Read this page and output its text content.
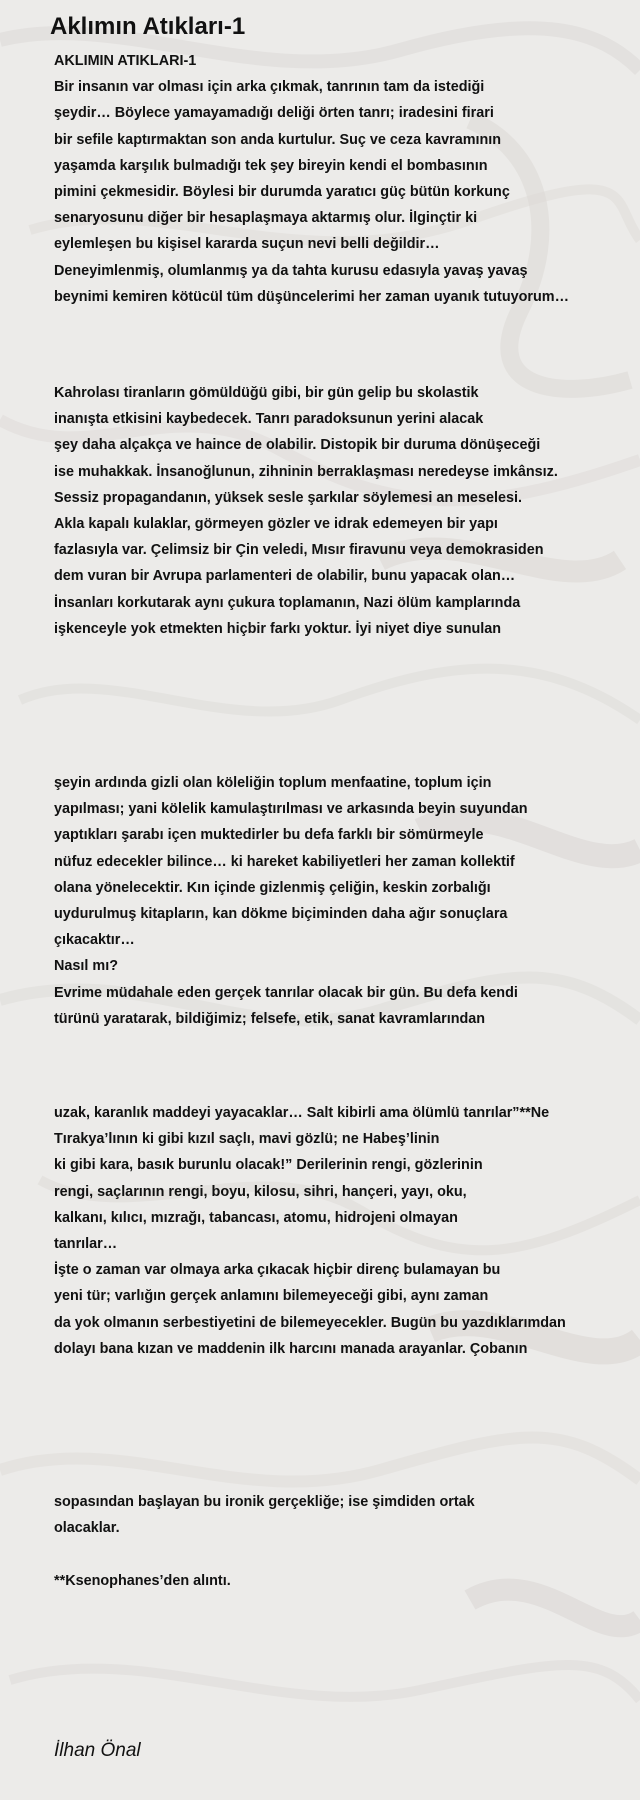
Aklımın Atıkları-1
AKLIMIN ATIKLARI-1
Bir insanın var olması için arka çıkmak, tanrının tam da istediği
şeydir… Böylece yamayamadığı deliği örten tanrı; iradesini firari
bir sefile kaptırmaktan son anda kurtulur. Suç ve ceza kavramının
yaşamda karşılık bulmadığı tek şey bireyin kendi el bombasının
pimini çekmesidir. Böylesi bir durumda yaratıcı güç bütün korkunç
senaryosunu diğer bir hesaplaşmaya aktarmış olur. İlginçtir ki
eylemleşen bu kişisel kararda suçun nevi belli değildir…
Deneyimlenmiş, olumlanmış ya da tahta kurusu edasıyla yavaş yavaş
beynimi kemiren kötücül tüm düşüncelerimi her zaman uyanık tutuyorum…
Kahrolası tiranların gömüldüğü gibi, bir gün gelip bu skolastik
inanışta etkisini kaybedecek. Tanrı paradoksunun yerini alacak
şey daha alçakça ve haince de olabilir. Distopik bir duruma dönüşeceği
ise muhakkak. İnsanoğlunun, zihninin berraklaşması neredeyse imkânsız.
Sessiz propagandanın, yüksek sesle şarkılar söylemesi an meselesi.
Akla kapalı kulaklar, görmeyen gözler ve idrak edemeyen bir yapı
fazlasıyla var. Çelimsiz bir Çin veledi, Mısır firavunu veya demokrasiden
dem vuran bir Avrupa parlamenteri de olabilir, bunu yapacak olan…
İnsanları korkutarak aynı çukura toplamanın, Nazi ölüm kamplarında
işkenceyle yok etmekten hiçbir farkı yoktur. İyi niyet diye sunulan
şeyin ardında gizli olan köleliğin toplum menfaatine, toplum için
yapılması; yani kölelik kamulaştırılması ve arkasında beyin suyundan
yaptıkları şarabı içen muktedirler bu defa farklı bir sömürmeyle
nüfuz edecekler bilince… ki hareket kabiliyetleri her zaman kollektif
olana yönelecektir. Kın içinde gizlenmiş çeliğin, keskin zorbalığı
uydurulmuş kitapların, kan dökme biçiminden daha ağır sonuçlara
çıkacaktır…
Nasıl mı?
Evrime müdahale eden gerçek tanrılar olacak bir gün. Bu defa kendi
türünü yaratarak, bildiğimiz; felsefe, etik, sanat kavramlarından
uzak, karanlık maddeyi yayacaklar… Salt kibirli ama ölümlü tanrılar”**Ne
Tırakya’lının ki gibi kızıl saçlı, mavi gözlü; ne Habeş’linin
ki gibi kara, basık burunlu olacak!” Derilerinin rengi, gözlerinin
rengi, saçlarının rengi, boyu, kilosu, sihri, hançeri, yayı, oku,
kalkanı, kılıcı, mızrağı, tabancası, atomu, hidrojeni olmayan
tanrılar…
İşte o zaman var olmaya arka çıkacak hiçbir direnç bulamayan bu
yeni tür; varlığın gerçek anlamını bilemeyeceği gibi, aynı zaman
da yok olmanın serbestiyetini de bilemeyecekler. Bugün bu yazdıklarımdan
dolayı bana kızan ve maddenin ilk harcını manada arayanlar. Çobanın
sopasından başlayan bu ironik gerçekliğe; ise şimdiden ortak
olacaklar.
**Ksenophanes’den alıntı.
İlhan Önal
